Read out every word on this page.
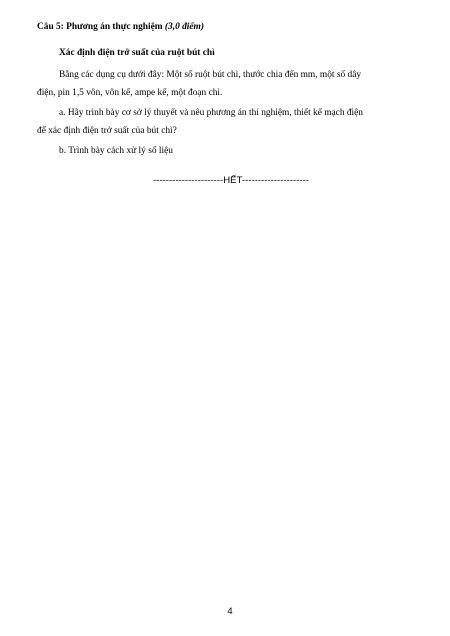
Câu 5: Phương án thực nghiệm (3,0 điểm)
Xác định điện trở suất của ruột bút chì
Bằng các dụng cụ dưới đây: Một số ruột bút chì, thước chia đến mm, một số dây
điện, pin 1,5 vôn, vôn kế, ampe kế, một đoạn chì.
a. Hãy trình bày cơ sở lý thuyết và nêu phương án thí nghiệm, thiết kế mạch điện
để xác định điện trở suất của bút chì?
b. Trình bày cách xử lý số liệu
----------------------HẾT---------------------
4
